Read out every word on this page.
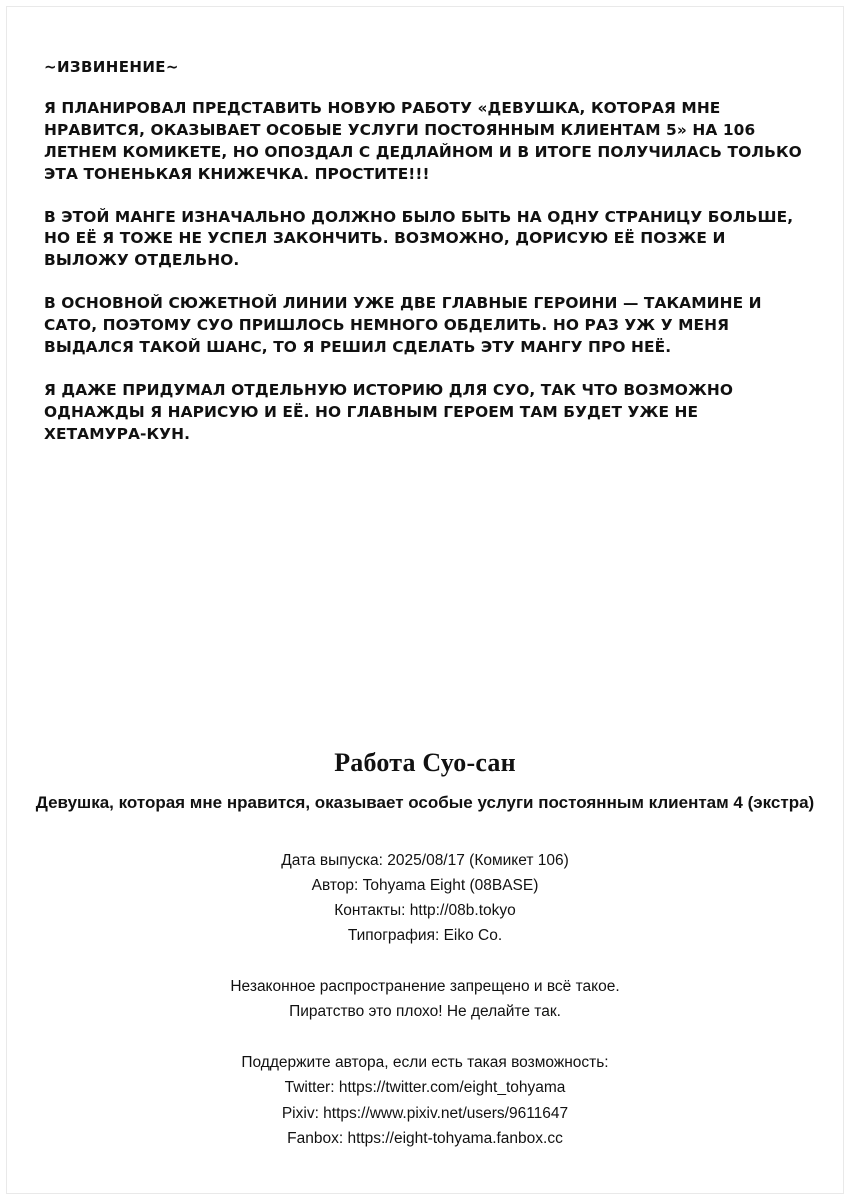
~ИЗВИНЕНИЕ~

Я ПЛАНИРОВАЛ ПРЕДСТАВИТЬ НОВУЮ РАБОТУ «ДЕВУШКА, КОТОРАЯ МНЕ НРАВИТСЯ, ОКАЗЫВАЕТ ОСОБЫЕ УСЛУГИ ПОСТОЯННЫМ КЛИЕНТАМ 5» НА 106 ЛЕТНЕМ КОМИКЕТЕ, НО ОПОЗДАЛ С ДЕДЛАЙНОМ И В ИТОГЕ ПОЛУЧИЛАСЬ ТОЛЬКО ЭТА ТОНЕНЬКАЯ КНИЖЕЧКА. ПРОСТИТЕ!!!

В ЭТОЙ МАНГЕ ИЗНАЧАЛЬНО ДОЛЖНО БЫЛО БЫТЬ НА ОДНУ СТРАНИЦУ БОЛЬШЕ, НО ЕЁ Я ТОЖЕ НЕ УСПЕЛ ЗАКОНЧИТЬ. ВОЗМОЖНО, ДОРИСУЮ ЕЁ ПОЗЖЕ И ВЫЛОЖУ ОТДЕЛЬНО.

В ОСНОВНОЙ СЮЖЕТНОЙ ЛИНИИ УЖЕ ДВЕ ГЛАВНЫЕ ГЕРОИНИ — ТАКАМИНЕ И САТО, ПОЭТОМУ СУО ПРИШЛОСЬ НЕМНОГО ОБДЕЛИТЬ. НО РАЗ УЖ У МЕНЯ ВЫДАЛСЯ ТАКОЙ ШАНС, ТО Я РЕШИЛ СДЕЛАТЬ ЭТУ МАНГУ ПРО НЕЁ.

Я ДАЖЕ ПРИДУМАЛ ОТДЕЛЬНУЮ ИСТОРИЮ ДЛЯ СУО, ТАК ЧТО ВОЗМОЖНО ОДНАЖДЫ Я НАРИСУЮ И ЕЁ. НО ГЛАВНЫМ ГЕРОЕМ ТАМ БУДЕТ УЖЕ НЕ ХЕТАМУРА-КУН.

Работа Суо-сан
Девушка, которая мне нравится, оказывает особые услуги постоянным клиентам 4 (экстра)
Дата выпуска: 2025/08/17 (Комикет 106)
Автор: Tohyama Eight (08BASE)
Контакты: http://08b.tokyo
Типография: Eiko Co.
Незаконное распространение запрещено и всё такое.
Пиратство это плохо! Не делайте так.
Поддержите автора, если есть такая возможность:
Twitter: https://twitter.com/eight_tohyama
Pixiv: https://www.pixiv.net/users/9611647
Fanbox: https://eight-tohyama.fanbox.cc
